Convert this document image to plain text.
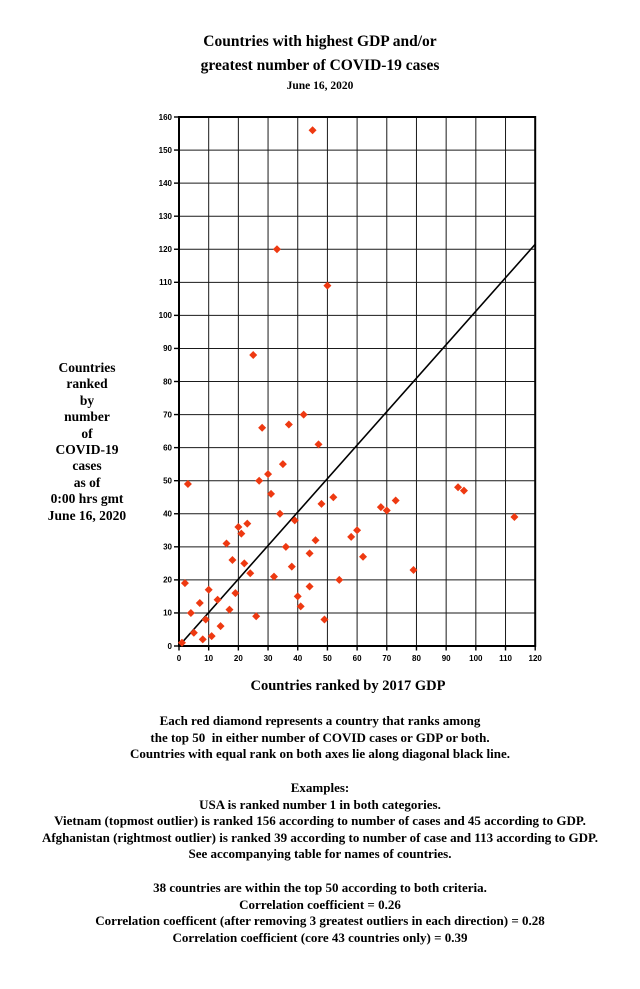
Countries with highest GDP and/or
greatest number of COVID-19 cases
June 16, 2020
Countries
ranked
by
number
of
COVID-19
cases
as of
0:00 hrs gmt
June 16, 2020
0	10	20	30	40	50	60	70	80	90 100 110 120
0
10
20
30
40
50
60
70
80
90
100
110
120
130
140
150
160
Countries ranked by 2017 GDP
Each red diamond represents a country that ranks among
the top 50  in either number of COVID cases or GDP or both.
Countries with equal rank on both axes lie along diagonal black line.
Examples:
USA is ranked number 1 in both categories.
Vietnam (topmost outlier) is ranked 156 according to number of cases and 45 according to GDP.
Afghanistan (rightmost outlier) is ranked 39 according to number of case and 113 according to GDP.
See accompanying table for names of countries.
38 countries are within the top 50 according to both criteria.
Correlation coefficient = 0.26
Correlation coefficent (after removing 3 greatest outliers in each direction) = 0.28
Correlation coefficient (core 43 countries only) = 0.39
